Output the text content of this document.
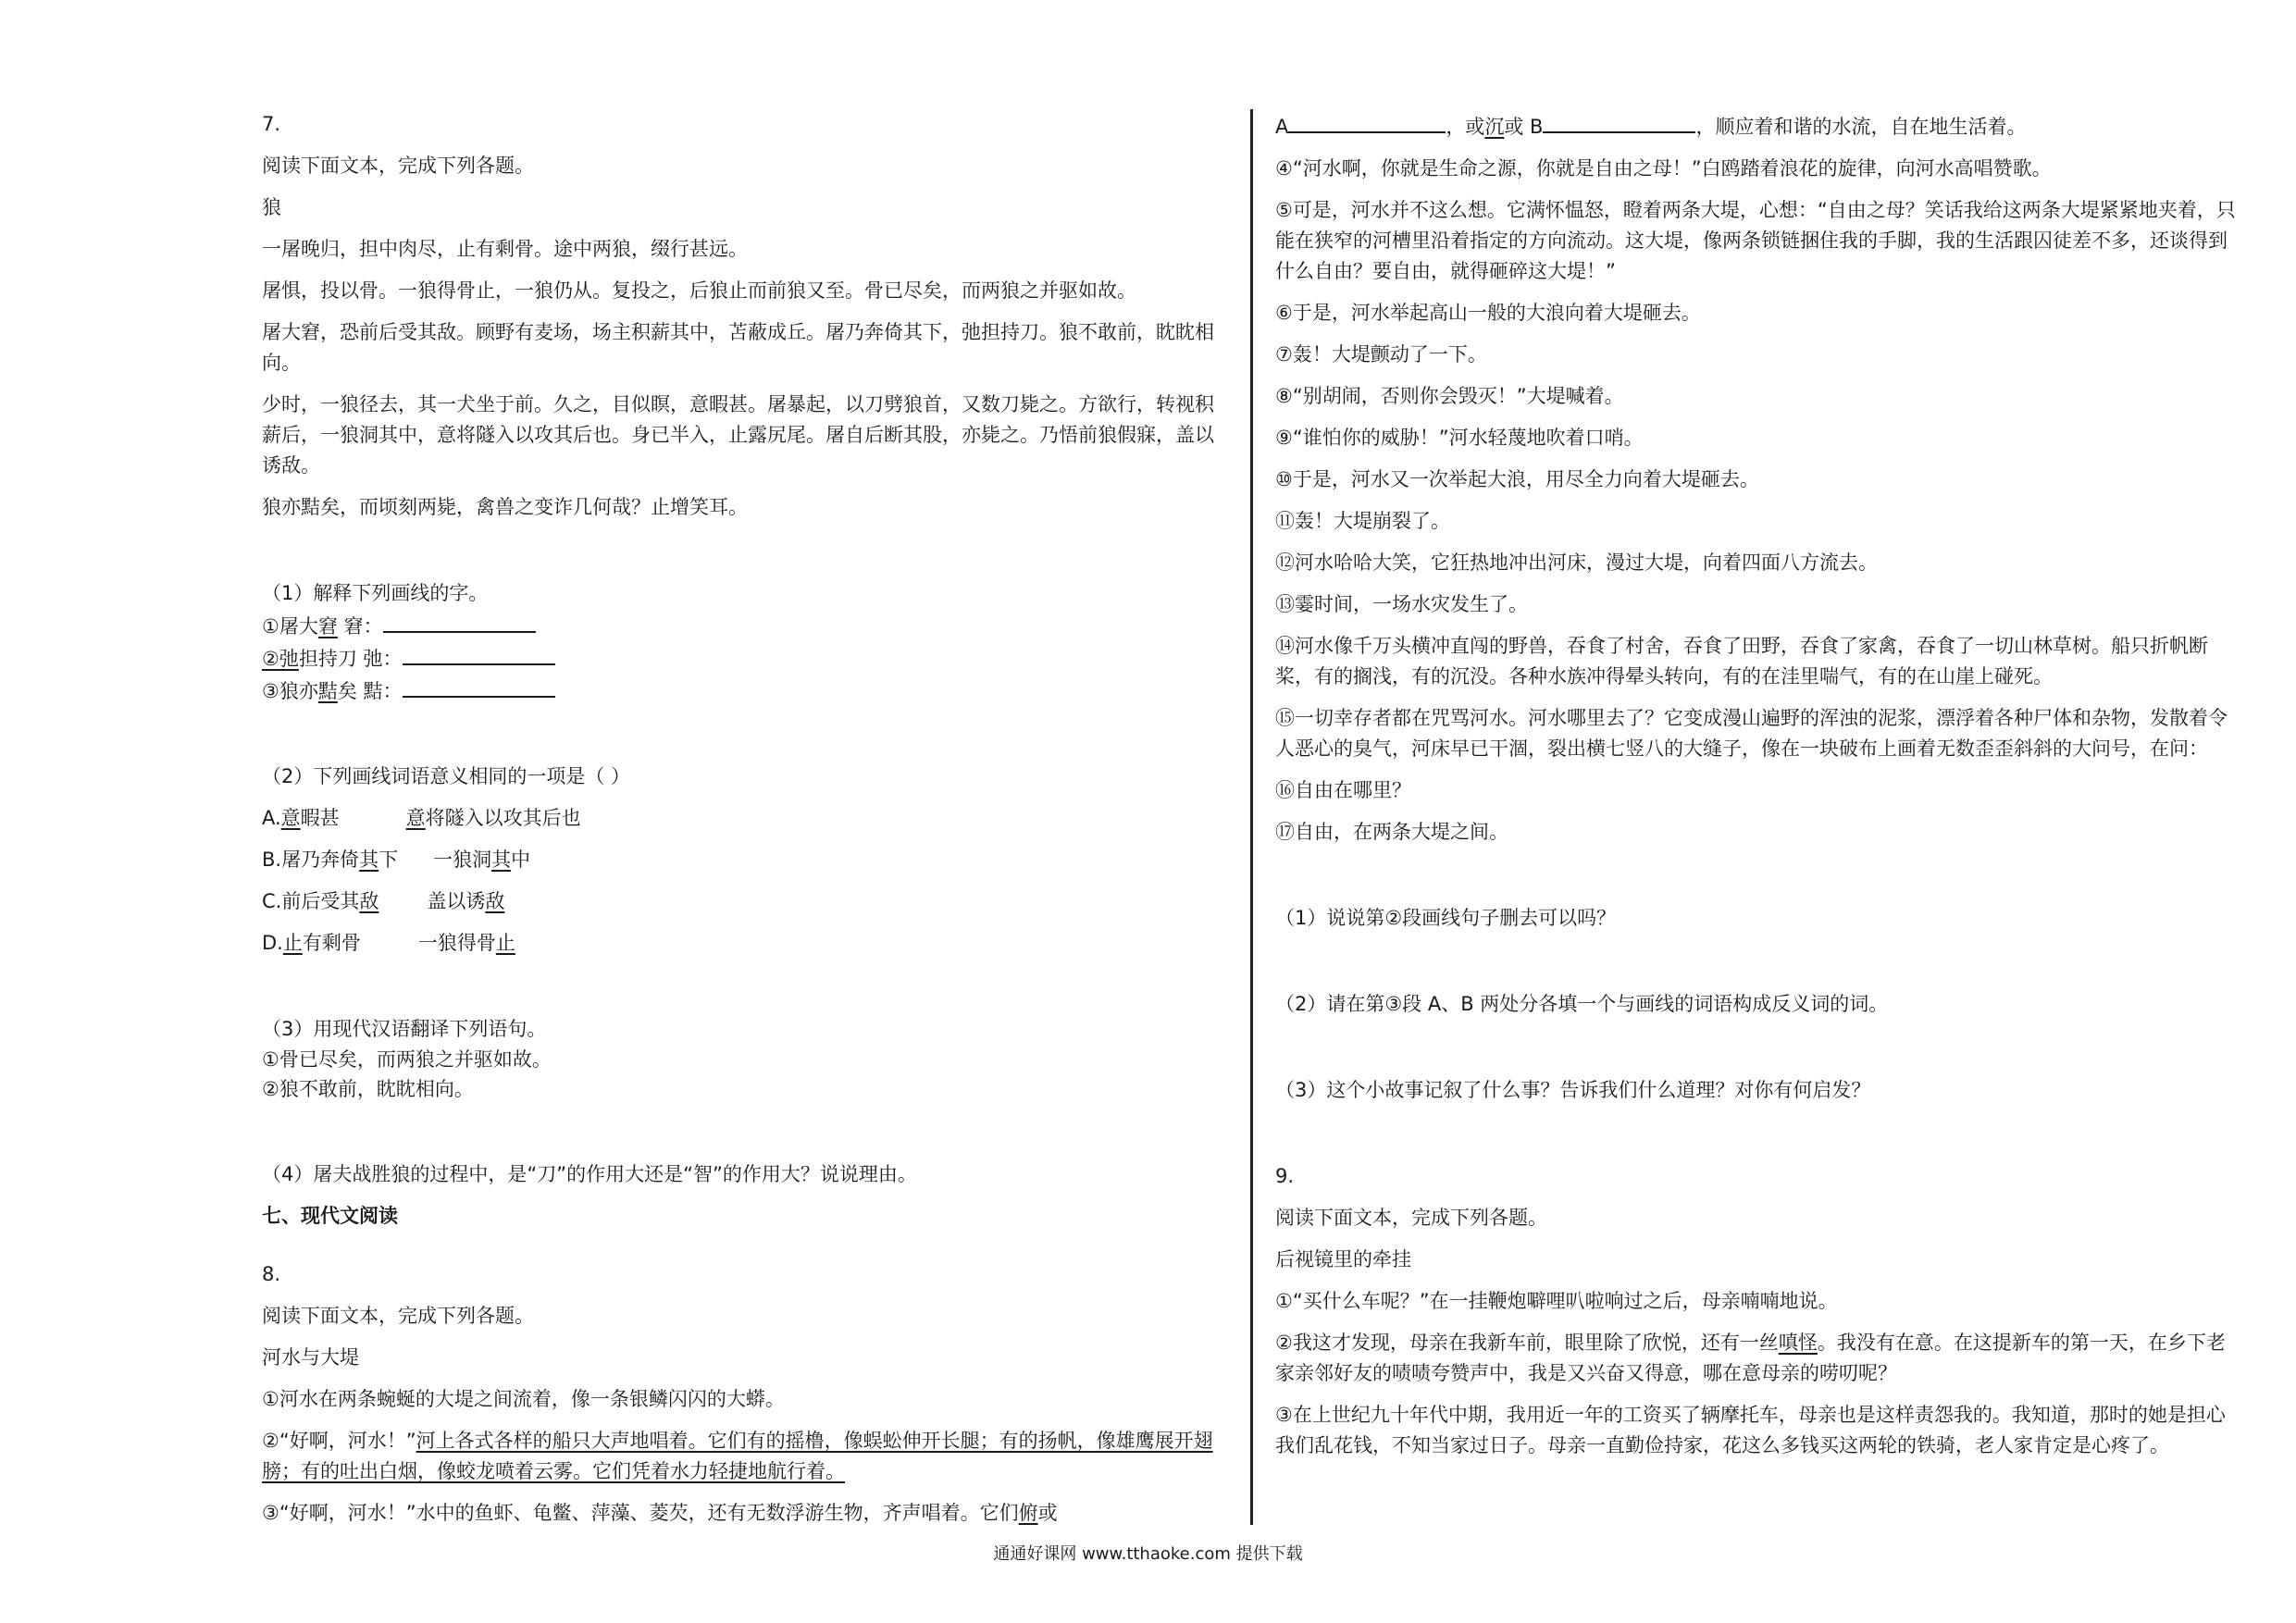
7.

阅读下面文本，完成下列各题。

狼

一屠晚归，担中肉尽，止有剩骨。途中两狼，缀行甚远。

屠惧，投以骨。一狼得骨止，一狼仍从。复投之，后狼止而前狼又至。骨已尽矣，而两狼之并驱如故。

屠大窘，恐前后受其敌。顾野有麦场，场主积薪其中，苫蔽成丘。屠乃奔倚其下，弛担持刀。狼不敢前，眈眈相向。

少时，一狼径去，其一犬坐于前。久之，目似瞑，意暇甚。屠暴起，以刀劈狼首，又数刀毙之。方欲行，转视积薪后，一狼洞其中，意将隧入以攻其后也。身已半入，止露尻尾。屠自后断其股，亦毙之。乃悟前狼假寐，盖以诱敌。

狼亦黠矣，而顷刻两毙，禽兽之变诈几何哉？止增笑耳。

（1）解释下列画线的字。

①屠大窘 窘：

②弛担持刀 弛：

③狼亦黠矣 黠：

（2）下列画线词语意义相同的一项是（ ）

A.意暇甚	意将隧入以攻其后也

B.屠乃奔倚其下 一狼洞其中

C.前后受其敌 盖以诱敌

D.止有剩骨	一狼得骨止

（3）用现代汉语翻译下列语句。

①骨已尽矣，而两狼之并驱如故。

②狼不敢前，眈眈相向。

（4）屠夫战胜狼的过程中，是“刀”的作用大还是“智”的作用大？说说理由。

七、现代文阅读

8.

阅读下面文本，完成下列各题。

河水与大堤

①河水在两条蜿蜒的大堤之间流着，像一条银鳞闪闪的大蟒。

②“好啊，河水！”河上各式各样的船只大声地唱着。它们有的摇橹，像蜈蚣伸开长腿；有的扬帆，像雄鹰展开翅膀；有的吐出白烟，像蛟龙喷着云雾。它们凭着水力轻捷地航行着。

③“好啊，河水！”水中的鱼虾、龟鳖、萍藻、菱芡，还有无数浮游生物，齐声唱着。它们俯或

A	，或沉或 B	，顺应着和谐的水流，自在地生活着。

④“河水啊，你就是生命之源，你就是自由之母！”白鸥踏着浪花的旋律，向河水高唱赞歌。

⑤可是，河水并不这么想。它满怀愠怒，瞪着两条大堤，心想：“自由之母？笑话我给这两条大堤紧紧地夹着，只能在狭窄的河槽里沿着指定的方向流动。这大堤，像两条锁链捆住我的手脚，我的生活跟囚徒差不多，还谈得到什么自由？要自由，就得砸碎这大堤！”

⑥于是，河水举起高山一般的大浪向着大堤砸去。

⑦轰！大堤颤动了一下。

⑧“别胡闹，否则你会毁灭！”大堤喊着。

⑨“谁怕你的威胁！”河水轻蔑地吹着口哨。

⑩于是，河水又一次举起大浪，用尽全力向着大堤砸去。

⑪轰！大堤崩裂了。

⑫河水哈哈大笑，它狂热地冲出河床，漫过大堤，向着四面八方流去。

⑬霎时间，一场水灾发生了。

⑭河水像千万头横冲直闯的野兽，吞食了村舍，吞食了田野，吞食了家禽，吞食了一切山林草树。船只折帆断桨，有的搁浅，有的沉没。各种水族冲得晕头转向，有的在洼里喘气，有的在山崖上碰死。

⑮一切幸存者都在咒骂河水。河水哪里去了？它变成漫山遍野的浑浊的泥浆，漂浮着各种尸体和杂物，发散着令人恶心的臭气，河床早已干涸，裂出横七竖八的大缝子，像在一块破布上画着无数歪歪斜斜的大问号，在问：

⑯自由在哪里？

⑰自由，在两条大堤之间。

（1）说说第②段画线句子删去可以吗？

（2）请在第③段 A、B 两处分各填一个与画线的词语构成反义词的词。

（3）这个小故事记叙了什么事？告诉我们什么道理？对你有何启发？

9.

阅读下面文本，完成下列各题。

后视镜里的牵挂

①“买什么车呢？”在一挂鞭炮噼哩叭啦响过之后，母亲喃喃地说。

②我这才发现，母亲在我新车前，眼里除了欣悦，还有一丝嗔怪。我没有在意。在这提新车的第一天，在乡下老家亲邻好友的啧啧夸赞声中，我是又兴奋又得意，哪在意母亲的唠叨呢？

③在上世纪九十年代中期，我用近一年的工资买了辆摩托车，母亲也是这样责怨我的。我知道，那时的她是担心我们乱花钱，不知当家过日子。母亲一直勤俭持家，花这么多钱买这两轮的铁骑，老人家肯定是心疼了。

通通好课网 www.tthaoke.com 提供下载
